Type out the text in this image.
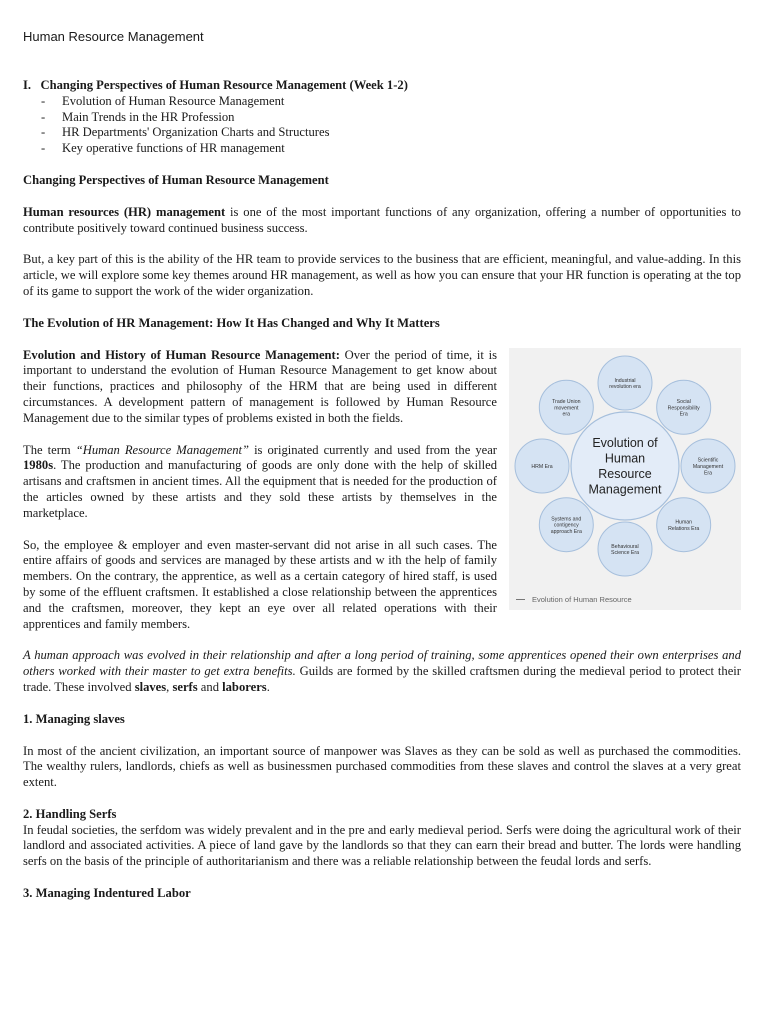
Human Resource Management
I. Changing Perspectives of Human Resource Management (Week 1-2)
- Evolution of Human Resource Management
- Main Trends in the HR Profession
- HR Departments' Organization Charts and Structures
- Key operative functions of HR management
Changing Perspectives of Human Resource Management

Human resources (HR) management is one of the most important functions of any organization, offering a number of opportunities to contribute positively toward continued business success.

But, a key part of this is the ability of the HR team to provide services to the business that are efficient, meaningful, and value-adding. In this article, we will explore some key themes around HR management, as well as how you can ensure that your HR function is operating at the top of its game to support the work of the wider organization.

The Evolution of HR Management: How It Has Changed and Why It Matters
Industrial
revolution era
Social
Responsibility
Era
Scientific
Management
Era
Human
Relations Era
Behavioural
Science Era
Systems and
contigency
approach Era
HRM Era
Trade Union
movement
era
Evolution of
Human
Resource
Management
Evolution of Human Resource

Evolution and History of Human Resource Management: Over the period of time, it is important to understand the evolution of Human Resource Management to get know about their functions, practices and philosophy of the HRM that are being used in different circumstances. A development pattern of management is followed by Human Resource Management due to the similar types of problems existed in both the fields.

The term “Human Resource Management” is originated currently and used from the year 1980s. The production and manufacturing of goods are only done with the help of skilled artisans and craftsmen in ancient times. All the equipment that is needed for the production of the articles owned by these artists and they sold these artists by themselves in the marketplace.

So, the employee & employer and even master-servant did not arise in all such cases. The entire affairs of goods and services are managed by these artists and w ith the help of family members. On the contrary, the apprentice, as well as a certain category of hired staff, is used by some of the effluent craftsmen. It established a close relationship between the apprentices and the craftsmen, moreover, they kept an eye over all related operations with their apprentices and family members.

A human approach was evolved in their relationship and after a long period of training, some apprentices opened their own enterprises and others worked with their master to get extra benefits. Guilds are formed by the skilled craftsmen during the medieval period to protect their trade. These involved slaves, serfs and laborers.

1. Managing slaves

In most of the ancient civilization, an important source of manpower was Slaves as they can be sold as well as purchased the commodities. The wealthy rulers, landlords, chiefs as well as businessmen purchased commodities from these slaves and control the slaves at a very great extent.

2. Handling Serfs

In feudal societies, the serfdom was widely prevalent and in the pre and early medieval period. Serfs were doing the agricultural work of their landlord and associated activities. A piece of land gave by the landlords so that they can earn their bread and butter. The lords were handling serfs on the basis of the principle of authoritarianism and there was a reliable relationship between the feudal lords and serfs.

3. Managing Indentured Labor
